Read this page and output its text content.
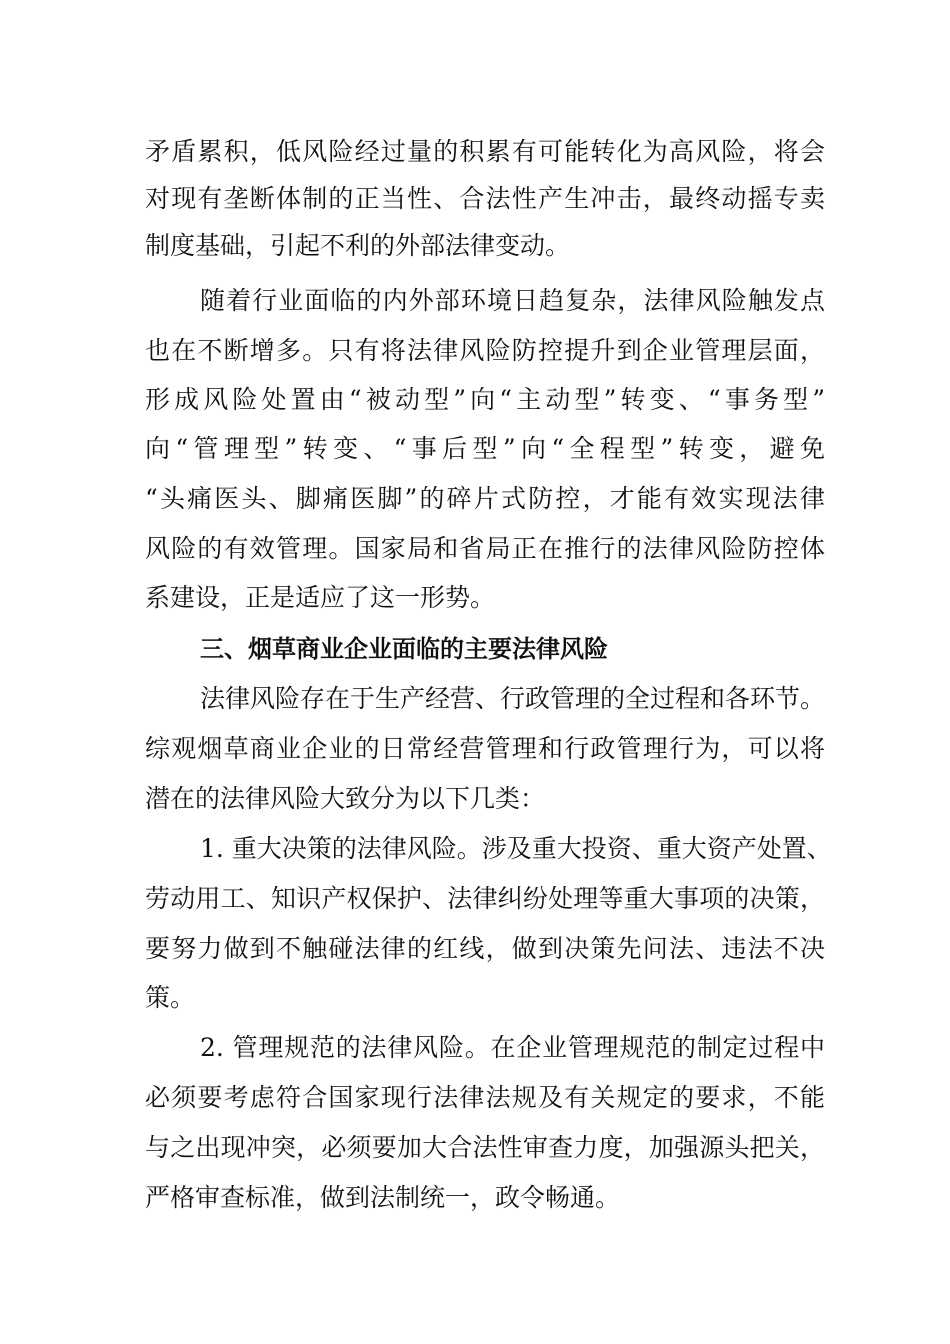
矛盾累积，低风险经过量的积累有可能转化为高风险，将会
对现有垄断体制的正当性、合法性产生冲击，最终动摇专卖
制度基础，引起不利的外部法律变动。
随着行业面临的内外部环境日趋复杂，法律风险触发点
也在不断增多。只有将法律风险防控提升到企业管理层面，
形成风险处置由“被动型”向“主动型”转变、“事务型”
向“管理型”转变、“事后型”向“全程型”转变，避免
“头痛医头、脚痛医脚”的碎片式防控，才能有效实现法律
风险的有效管理。国家局和省局正在推行的法律风险防控体
系建设，正是适应了这一形势。
三、烟草商业企业面临的主要法律风险
法律风险存在于生产经营、行政管理的全过程和各环节。
综观烟草商业企业的日常经营管理和行政管理行为，可以将
潜在的法律风险大致分为以下几类：
1. 重大决策的法律风险。涉及重大投资、重大资产处置、
劳动用工、知识产权保护、法律纠纷处理等重大事项的决策，
要努力做到不触碰法律的红线，做到决策先问法、违法不决
策。
2. 管理规范的法律风险。在企业管理规范的制定过程中
必须要考虑符合国家现行法律法规及有关规定的要求，不能
与之出现冲突，必须要加大合法性审查力度，加强源头把关，
严格审查标准，做到法制统一，政令畅通。
